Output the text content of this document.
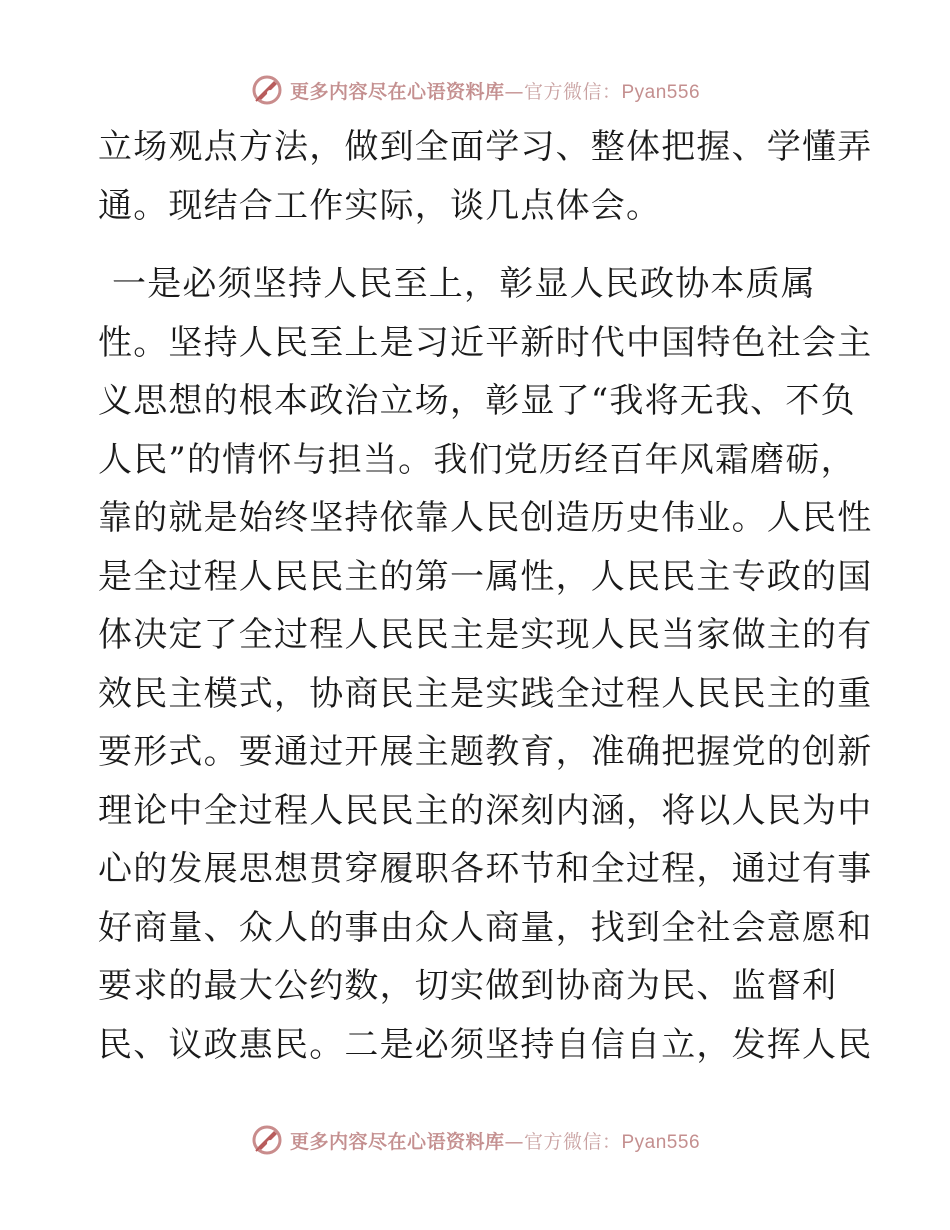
更多内容尽在心语资料库—官方微信：Pyan556
立场观点方法，做到全面学习、整体把握、学懂弄
通。现结合工作实际，谈几点体会。
一是必须坚持人民至上，彰显人民政协本质属
性。坚持人民至上是习近平新时代中国特色社会主
义思想的根本政治立场，彰显了“我将无我、不负
人民”的情怀与担当。我们党历经百年风霜磨砺，
靠的就是始终坚持依靠人民创造历史伟业。人民性
是全过程人民民主的第一属性，人民民主专政的国
体决定了全过程人民民主是实现人民当家做主的有
效民主模式，协商民主是实践全过程人民民主的重
要形式。要通过开展主题教育，准确把握党的创新
理论中全过程人民民主的深刻内涵，将以人民为中
心的发展思想贯穿履职各环节和全过程，通过有事
好商量、众人的事由众人商量，找到全社会意愿和
要求的最大公约数，切实做到协商为民、监督利
民、议政惠民。二是必须坚持自信自立，发挥人民
更多内容尽在心语资料库—官方微信：Pyan556
